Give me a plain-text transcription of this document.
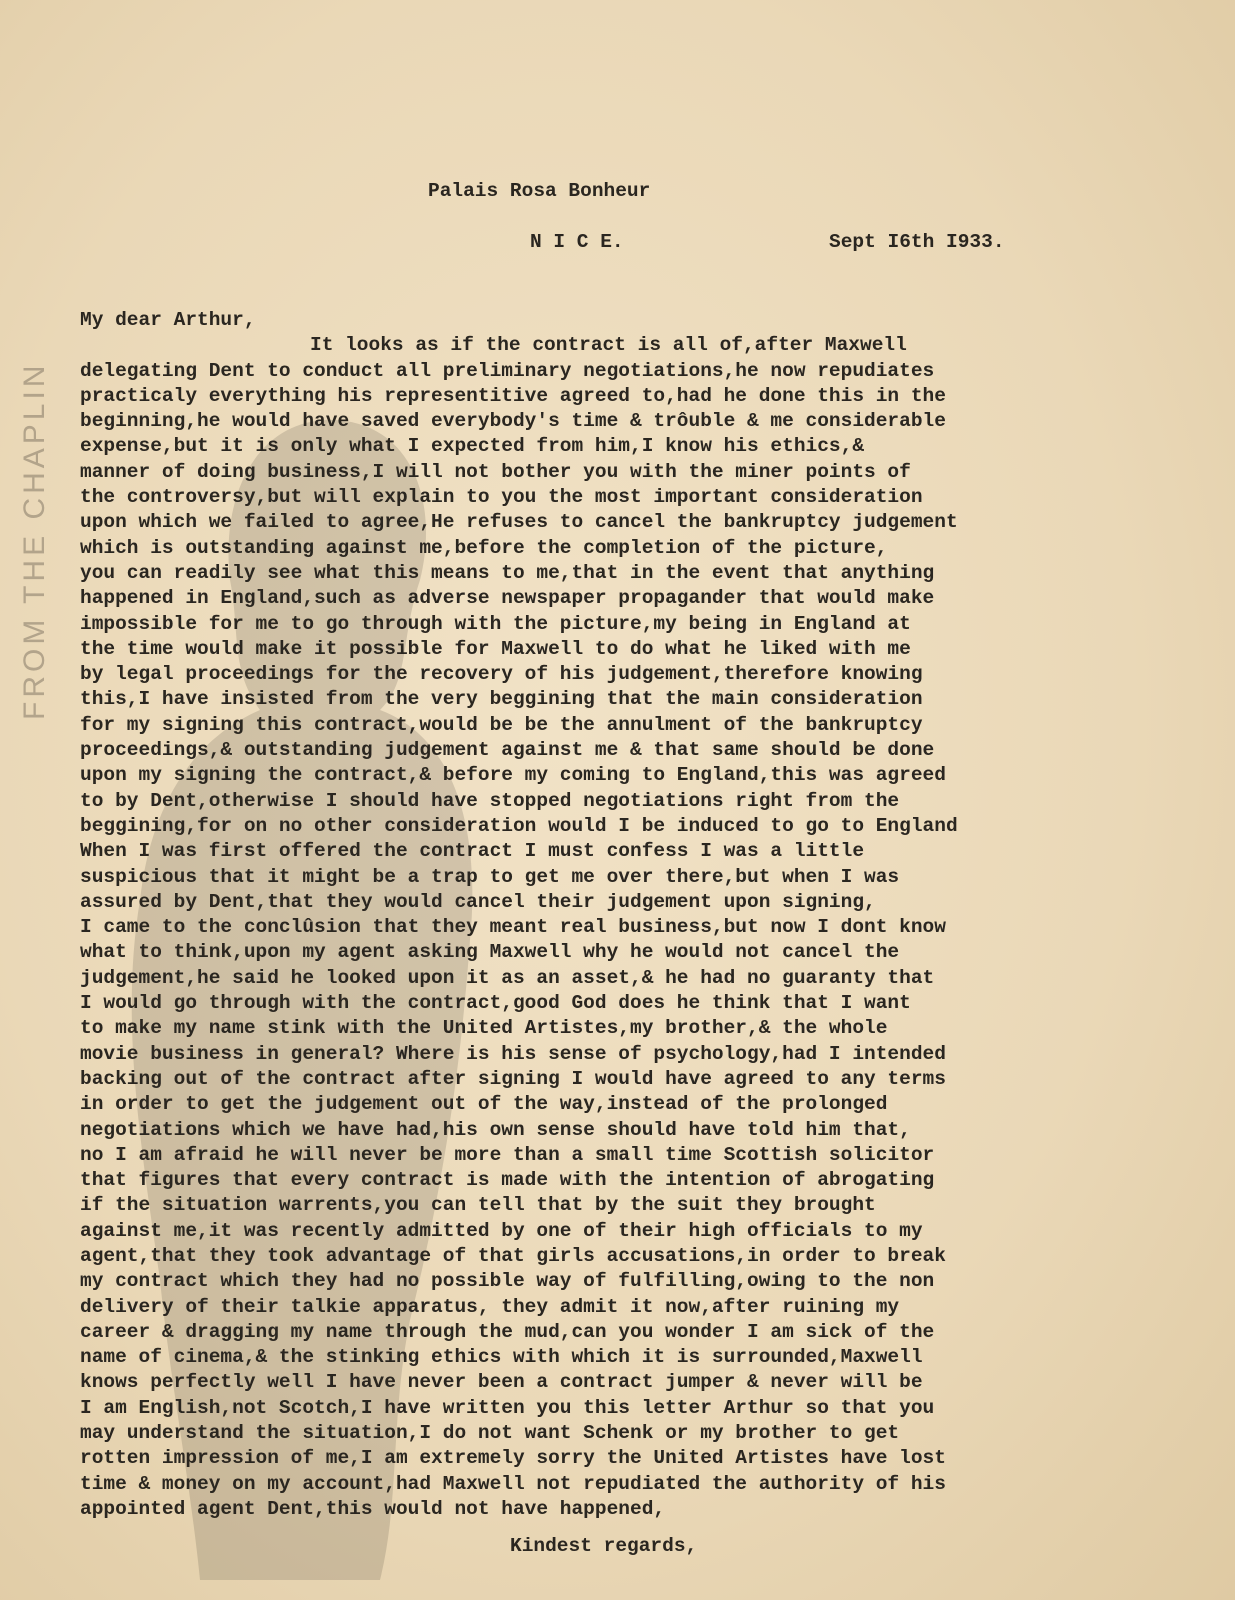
FROM THE CHAPLIN

Palais Rosa Bonheur

N I C E.	Sept I6th I933.

My dear Arthur,
It looks as if the contract is all of,after Maxwell
delegating Dent to conduct all preliminary negotiations,he now repudiates
practicaly everything his representitive agreed to,had he done this in the
beginning,he would have saved everybody's time & trôuble & me considerable
expense,but it is only what I expected from him,I know his ethics,&
manner of doing business,I will not bother you with the miner points of
the controversy,but will explain to you the most important consideration
upon which we failed to agree,He refuses to cancel the bankruptcy judgement
which is outstanding against me,before the completion of the picture,
you can readily see what this means to me,that in the event that anything
happened in England,such as adverse newspaper propagander that would make
impossible for me to go through with the picture,my being in England at
the time would make it possible for Maxwell to do what he liked with me
by legal proceedings for the recovery of his judgement,therefore knowing
this,I have insisted from the very beggining that the main consideration
for my signing this contract,would be be the annulment of the bankruptcy
proceedings,& outstanding judgement against me & that same should be done
upon my signing the contract,& before my coming to England,this was agreed
to by Dent,otherwise I should have stopped negotiations right from the
beggining,for on no other consideration would I be induced to go to England
When I was first offered the contract I must confess I was a little
suspicious that it might be a trap to get me over there,but when I was
assured by Dent,that they would cancel their judgement upon signing,
I came to the conclûsion that they meant real business,but now I dont know
what to think,upon my agent asking Maxwell why he would not cancel the
judgement,he said he looked upon it as an asset,& he had no guaranty that
I would go through with the contract,good God does he think that I want
to make my name stink with the United Artistes,my brother,& the whole
movie business in general? Where is his sense of psychology,had I intended
backing out of the contract after signing I would have agreed to any terms
in order to get the judgement out of the way,instead of the prolonged
negotiations which we have had,his own sense should have told him that,
no I am afraid he will never be more than a small time Scottish solicitor
that figures that every contract is made with the intention of abrogating
if the situation warrents,you can tell that by the suit they brought
against me,it was recently admitted by one of their high officials to my
agent,that they took advantage of that girls accusations,in order to break
my contract which they had no possible way of fulfilling,owing to the non
delivery of their talkie apparatus, they admit it now,after ruining my
career & dragging my name through the mud,can you wonder I am sick of the
name of cinema,& the stinking ethics with which it is surrounded,Maxwell
knows perfectly well I have never been a contract jumper & never will be
I am English,not Scotch,I have written you this letter Arthur so that you
may understand the situation,I do not want Schenk or my brother to get
rotten impression of me,I am extremely sorry the United Artistes have lost
time & money on my account,had Maxwell not repudiated the authority of his
appointed agent Dent,this would not have happened,

Kindest regards,
